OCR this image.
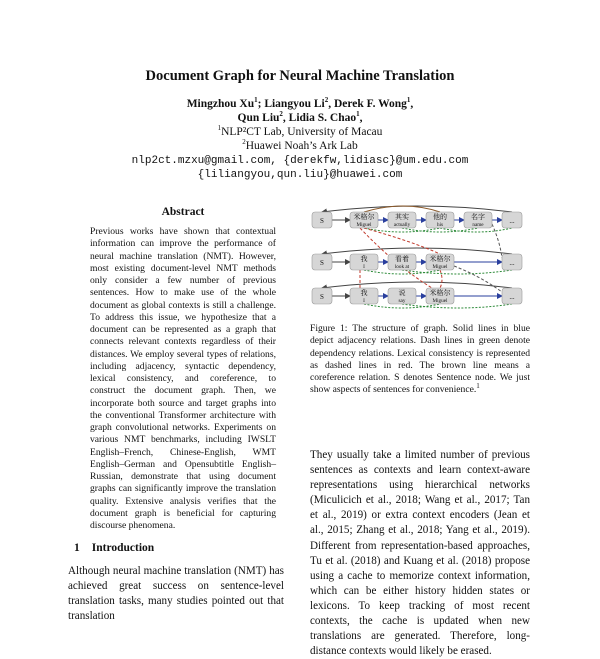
Document Graph for Neural Machine Translation
Mingzhou Xu$^1$; Liangyou Li$^2$, Derek F. Wong$^1$,
Qun Liu$^2$, Lidia S. Chao$^1$,
$^1$NLP²CT Lab, University of Macau
$^2$Huawei Noah’s Ark Lab
nlp2ct.mzxu@gmail.com, {derekfw,lidiasc}@um.edu.com
{liliangyou,qun.liu}@huawei.com
Abstract
Previous works have shown that contextual information can improve the performance of neural machine translation (NMT). However, most existing document-level NMT methods only consider a few number of previous sentences. How to make use of the whole document as global contexts is still a challenge. To address this issue, we hypothesize that a document can be represented as a graph that connects relevant contexts regardless of their distances. We employ several types of relations, including adjacency, syntactic dependency, lexical consistency, and coreference, to construct the document graph. Then, we incorporate both source and target graphs into the conventional Transformer architecture with graph convolutional networks. Experiments on various NMT benchmarks, including IWSLT English–French, Chinese-English, WMT English–German and Opensubtitle English–Russian, demonstrate that using document graphs can significantly improve the translation quality. Extensive analysis verifies that the document graph is beneficial for capturing discourse phenomena.
1 Introduction
Although neural machine translation (NMT) has achieved great success on sentence-level translation tasks, many studies pointed out that translation
S	米格尔
Miguel
其实
actually
他的
his
名字
name	...
S	我
I
看着
look at
米格尔
Miguel	...
S	我
I
说
say
米格尔
Miguel	...
Figure 1: The structure of graph. Solid lines in blue depict adjacency relations. Dash lines in green denote dependency relations. Lexical consistency is represented as dashed lines in red. The brown line means a coreference relation. S denotes Sentence node. We just show aspects of sentences for convenience.$^1$
They usually take a limited number of previous sentences as contexts and learn context-aware representations using hierarchical networks (Miculicich et al., 2018; Wang et al., 2017; Tan et al., 2019) or extra context encoders (Jean et al., 2015; Zhang et al., 2018; Yang et al., 2019). Different from representation-based approaches, Tu et al. (2018) and Kuang et al. (2018) propose using a cache to memorize context information, which can be either history hidden states or lexicons. To keep tracking of most recent contexts, the cache is updated when new translations are generated. Therefore, long-distance contexts would likely be erased.
